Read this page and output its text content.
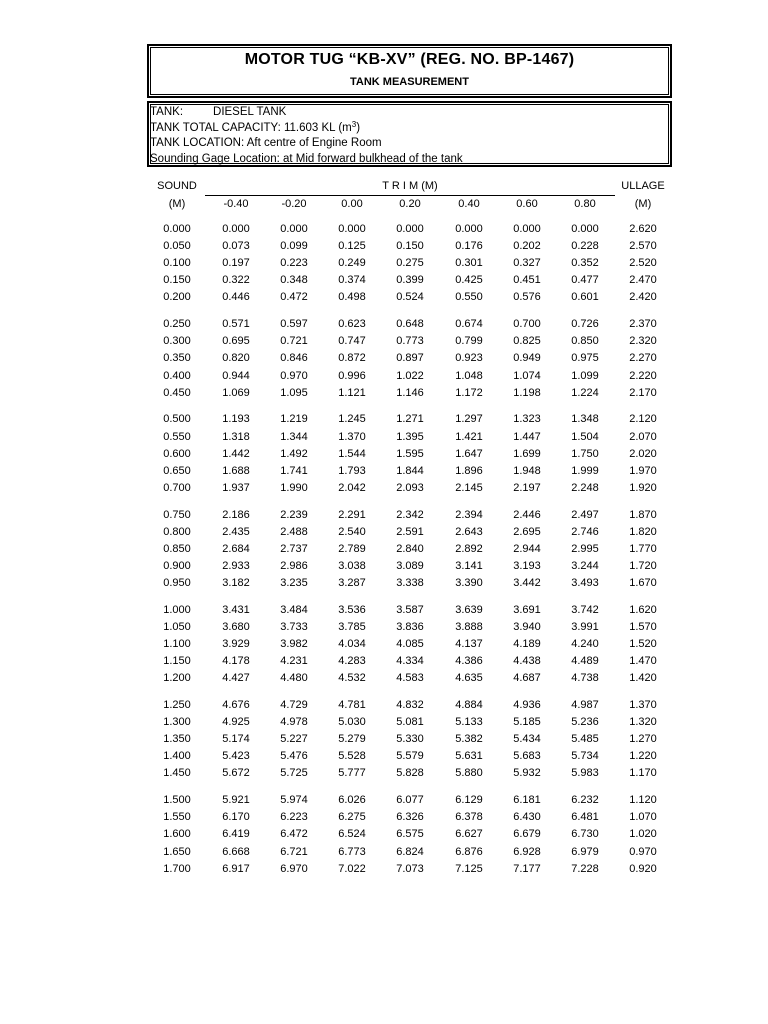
MOTOR TUG “KB-XV” (REG. NO. BP-1467)
TANK MEASUREMENT
TANK:	DIESEL TANK
TANK TOTAL CAPACITY: 11.603 KL $(m^3)$
TANK LOCATION: Aft centre of Engine Room
Sounding Gage Location: at Mid forward bulkhead of the tank
SOUND
(M)
T R I M (M)	ULLAGE
(M)
-0.40	-0.20	0.00	0.20	0.40	0.60	0.80
0.000	0.000	0.000	0.000	0.000	0.000	0.000	0.000	2.620
0.050	0.073	0.099	0.125	0.150	0.176	0.202	0.228	2.570
0.100	0.197	0.223	0.249	0.275	0.301	0.327	0.352	2.520
0.150	0.322	0.348	0.374	0.399	0.425	0.451	0.477	2.470
0.200	0.446	0.472	0.498	0.524	0.550	0.576	0.601	2.420
0.250	0.571	0.597	0.623	0.648	0.674	0.700	0.726	2.370
0.300	0.695	0.721	0.747	0.773	0.799	0.825	0.850	2.320
0.350	0.820	0.846	0.872	0.897	0.923	0.949	0.975	2.270
0.400	0.944	0.970	0.996	1.022	1.048	1.074	1.099	2.220
0.450	1.069	1.095	1.121	1.146	1.172	1.198	1.224	2.170
0.500	1.193	1.219	1.245	1.271	1.297	1.323	1.348	2.120
0.550	1.318	1.344	1.370	1.395	1.421	1.447	1.504	2.070
0.600	1.442	1.492	1.544	1.595	1.647	1.699	1.750	2.020
0.650	1.688	1.741	1.793	1.844	1.896	1.948	1.999	1.970
0.700	1.937	1.990	2.042	2.093	2.145	2.197	2.248	1.920
0.750	2.186	2.239	2.291	2.342	2.394	2.446	2.497	1.870
0.800	2.435	2.488	2.540	2.591	2.643	2.695	2.746	1.820
0.850	2.684	2.737	2.789	2.840	2.892	2.944	2.995	1.770
0.900	2.933	2.986	3.038	3.089	3.141	3.193	3.244	1.720
0.950	3.182	3.235	3.287	3.338	3.390	3.442	3.493	1.670
1.000	3.431	3.484	3.536	3.587	3.639	3.691	3.742	1.620
1.050	3.680	3.733	3.785	3.836	3.888	3.940	3.991	1.570
1.100	3.929	3.982	4.034	4.085	4.137	4.189	4.240	1.520
1.150	4.178	4.231	4.283	4.334	4.386	4.438	4.489	1.470
1.200	4.427	4.480	4.532	4.583	4.635	4.687	4.738	1.420
1.250	4.676	4.729	4.781	4.832	4.884	4.936	4.987	1.370
1.300	4.925	4.978	5.030	5.081	5.133	5.185	5.236	1.320
1.350	5.174	5.227	5.279	5.330	5.382	5.434	5.485	1.270
1.400	5.423	5.476	5.528	5.579	5.631	5.683	5.734	1.220
1.450	5.672	5.725	5.777	5.828	5.880	5.932	5.983	1.170
1.500	5.921	5.974	6.026	6.077	6.129	6.181	6.232	1.120
1.550	6.170	6.223	6.275	6.326	6.378	6.430	6.481	1.070
1.600	6.419	6.472	6.524	6.575	6.627	6.679	6.730	1.020
1.650	6.668	6.721	6.773	6.824	6.876	6.928	6.979	0.970
1.700	6.917	6.970	7.022	7.073	7.125	7.177	7.228	0.920
